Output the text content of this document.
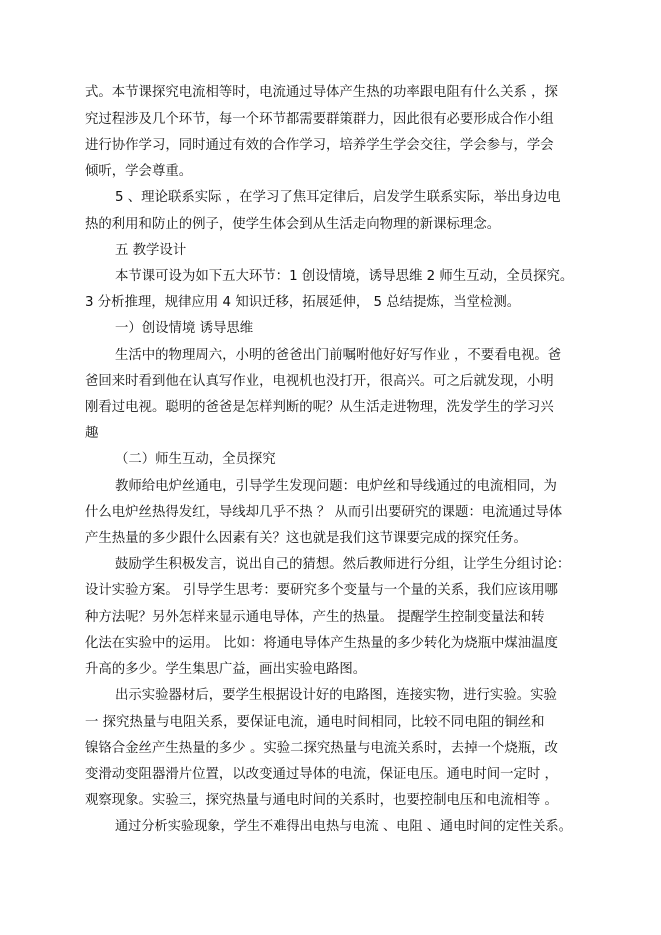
式。本节课探究电流相等时，电流通过导体产生热的功率跟电阻有什么关系 ，探
究过程涉及几个环节，每一个环节都需要群策群力，因此很有必要形成合作小组
进行协作学习，同时通过有效的合作学习，培养学生学会交往，学会参与，学会
倾听，学会尊重。
5 、理论联系实际 ，在学习了焦耳定律后，启发学生联系实际，举出身边电
热的利用和防止的例子，使学生体会到从生活走向物理的新课标理念。
五 教学设计
本节课可设为如下五大环节：1 创设情境，诱导思维 2 师生互动，全员探究。
3 分析推理，规律应用 4 知识迁移，拓展延伸， 5 总结提炼，当堂检测。
一）创设情境 诱导思维
生活中的物理周六，小明的爸爸出门前嘱咐他好好写作业 ，不要看电视。爸
爸回来时看到他在认真写作业，电视机也没打开，很高兴。可之后就发现，小明
刚看过电视。聪明的爸爸是怎样判断的呢？从生活走进物理，洗发学生的学习兴
趣
（二）师生互动，全员探究
教师给电炉丝通电，引导学生发现问题：电炉丝和导线通过的电流相同，为
什么电炉丝热得发红，导线却几乎不热 ？ 从而引出要研究的课题：电流通过导体
产生热量的多少跟什么因素有关？这也就是我们这节课要完成的探究任务。
鼓励学生积极发言，说出自己的猜想。然后教师进行分组，让学生分组讨论：
设计实验方案。 引导学生思考：要研究多个变量与一个量的关系，我们应该用哪
种方法呢？另外怎样来显示通电导体，产生的热量。 提醒学生控制变量法和转
化法在实验中的运用。 比如：将通电导体产生热量的多少转化为烧瓶中煤油温度
升高的多少。学生集思广益，画出实验电路图。
出示实验器材后，要学生根据设计好的电路图，连接实物，进行实验。实验
一 探究热量与电阻关系，要保证电流，通电时间相同，比较不同电阻的铜丝和
镍铬合金丝产生热量的多少 。实验二探究热量与电流关系时，去掉一个烧瓶，改
变滑动变阻器滑片位置，以改变通过导体的电流，保证电压。通电时间一定时 ，
观察现象。实验三，探究热量与通电时间的关系时，也要控制电压和电流相等 。
通过分析实验现象，学生不难得出电热与电流 、电阻 、通电时间的定性关系。
